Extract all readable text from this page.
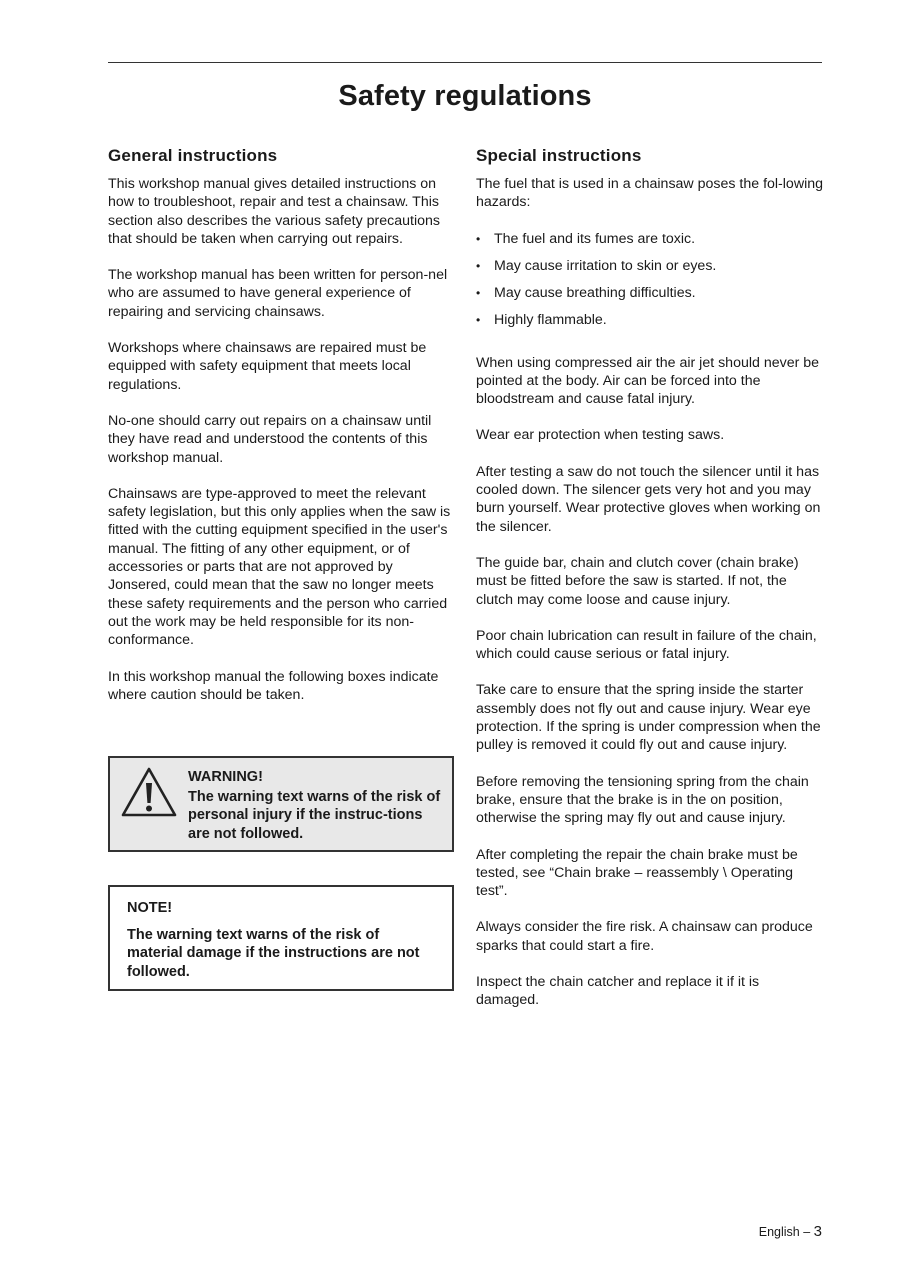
Safety regulations
General instructions

This workshop manual gives detailed instructions on how to troubleshoot, repair and test a chainsaw. This section also describes the various safety precautions that should be taken when carrying out repairs.

The workshop manual has been written for person-nel who are assumed to have general experience of repairing and servicing chainsaws.

Workshops where chainsaws are repaired must be equipped with safety equipment that meets local regulations.

No-one should carry out repairs on a chainsaw until they have read and understood the contents of this workshop manual.

Chainsaws are type-approved to meet the relevant safety legislation, but this only applies when the saw is fitted with the cutting equipment specified in the user's manual. The fitting of any other equipment, or of accessories or parts that are not approved by Jonsered, could mean that the saw no longer meets these safety requirements and the person who carried out the work may be held responsible for its non-conformance.

In this workshop manual the following boxes indicate where caution should be taken.

WARNING!
The warning text warns of the risk of personal injury if the instruc-tions are not followed.
NOTE!
The warning text warns of the risk of material damage if the instructions are not followed.
Special instructions

The fuel that is used in a chainsaw poses the fol-lowing hazards:

• The fuel and its fumes are toxic.
• May cause irritation to skin or eyes.
• May cause breathing difficulties.
• Highly flammable.

When using compressed air the air jet should never be pointed at the body. Air can be forced into the bloodstream and cause fatal injury.

Wear ear protection when testing saws.

After testing a saw do not touch the silencer until it has cooled down. The silencer gets very hot and you may burn yourself. Wear protective gloves when working on the silencer.

The guide bar, chain and clutch cover (chain brake) must be fitted before the saw is started. If not, the clutch may come loose and cause injury.

Poor chain lubrication can result in failure of the chain, which could cause serious or fatal injury.

Take care to ensure that the spring inside the starter assembly does not fly out and cause injury. Wear eye protection. If the spring is under compression when the pulley is removed it could fly out and cause injury.

Before removing the tensioning spring from the chain brake, ensure that the brake is in the on position, otherwise the spring may fly out and cause injury.

After completing the repair the chain brake must be tested, see “Chain brake – reassembly \ Operating test”.

Always consider the fire risk. A chainsaw can produce sparks that could start a fire.

Inspect the chain catcher and replace it if it is damaged.

English – 3
